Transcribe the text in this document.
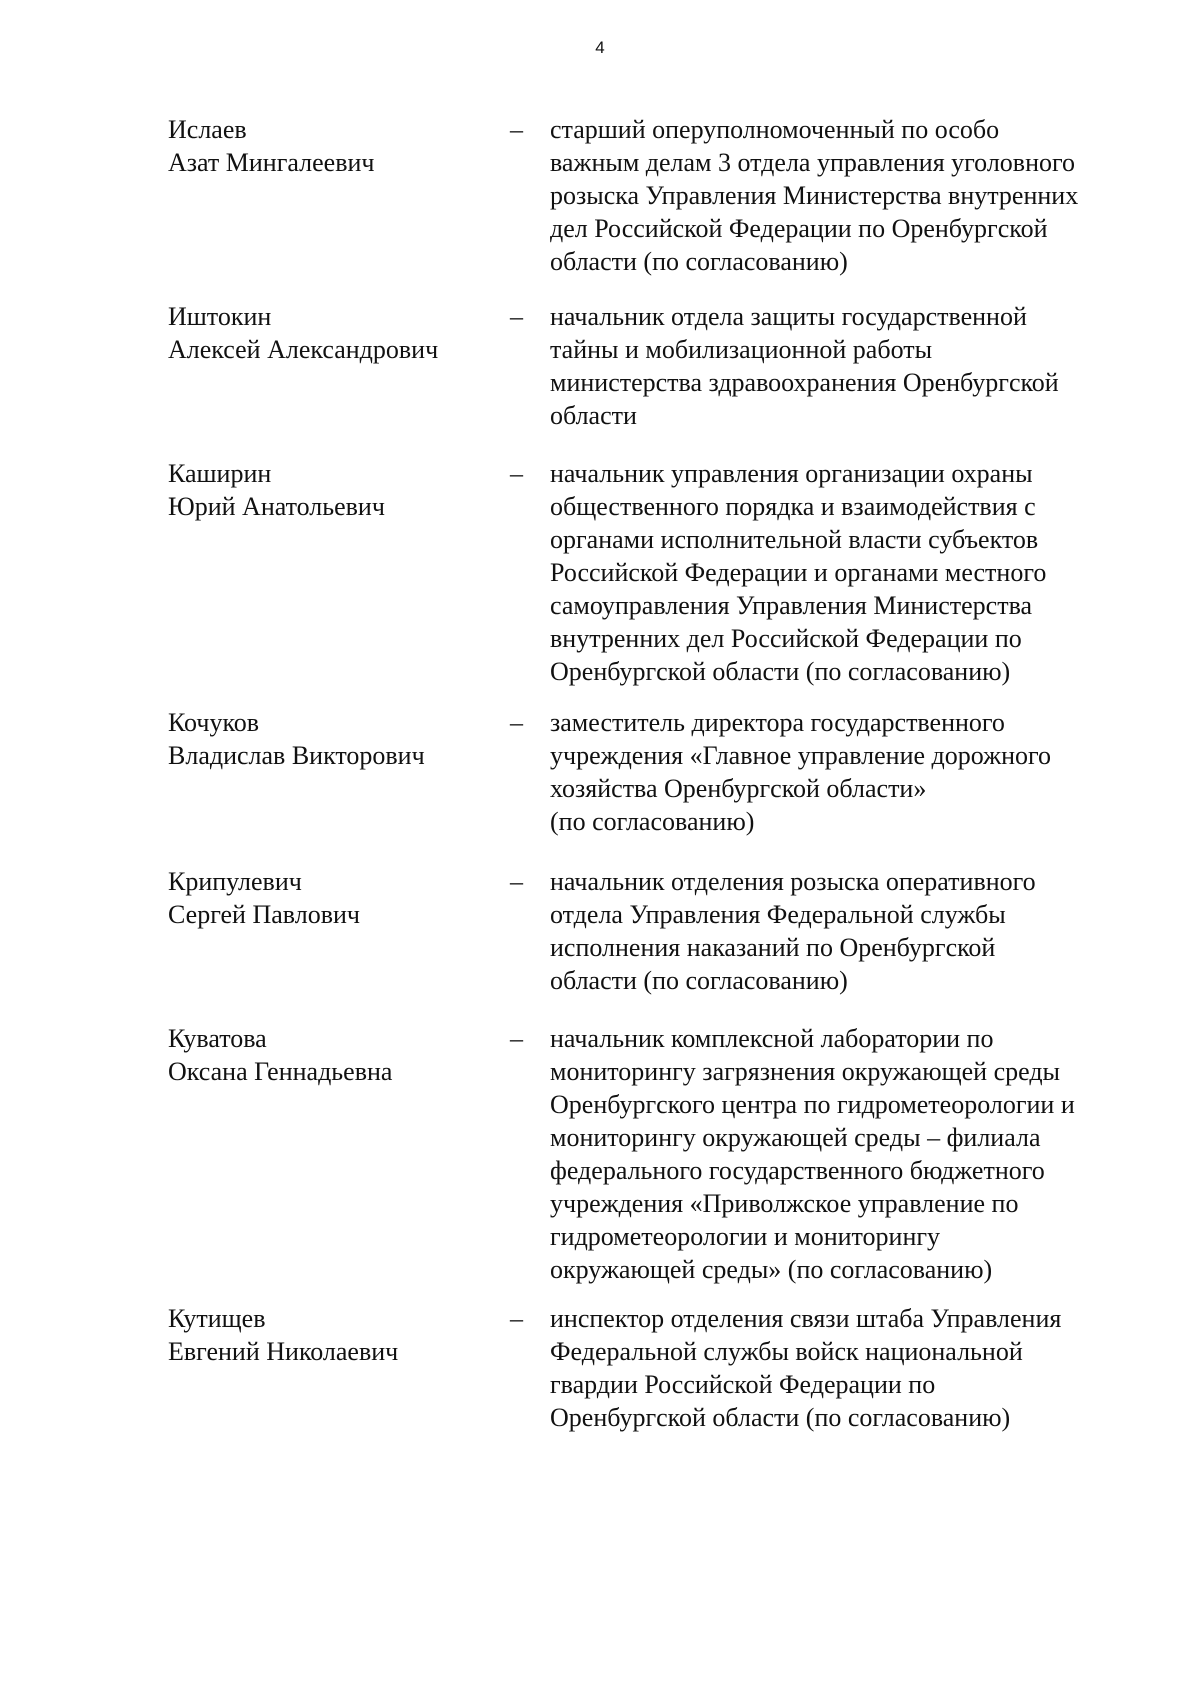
4
Ислаев
Азат Мингалеевич
– старший оперуполномоченный по особо
важным делам 3 отдела управления уголовного
розыска Управления Министерства внутренних
дел Российской Федерации по Оренбургской
области (по согласованию)
Иштокин
Алексей Александрович
– начальник отдела защиты государственной
тайны и мобилизационной работы
министерства здравоохранения Оренбургской
области
Каширин
Юрий Анатольевич
– начальник управления организации охраны
общественного порядка и взаимодействия с
органами исполнительной власти субъектов
Российской Федерации и органами местного
самоуправления Управления Министерства
внутренних дел Российской Федерации по
Оренбургской области (по согласованию)
Кочуков
Владислав Викторович
– заместитель директора государственного
учреждения «Главное управление дорожного
хозяйства Оренбургской области»
(по согласованию)
Крипулевич
Сергей Павлович
– начальник отделения розыска оперативного
отдела Управления Федеральной службы
исполнения наказаний по Оренбургской
области (по согласованию)
Куватова
Оксана Геннадьевна
– начальник комплексной лаборатории по
мониторингу загрязнения окружающей среды
Оренбургского центра по гидрометеорологии и
мониторингу окружающей среды – филиала
федерального государственного бюджетного
учреждения «Приволжское управление по
гидрометеорологии и мониторингу
окружающей среды» (по согласованию)
Кутищев
Евгений Николаевич
– инспектор отделения связи штаба Управления
Федеральной службы войск национальной
гвардии Российской Федерации по
Оренбургской области (по согласованию)
